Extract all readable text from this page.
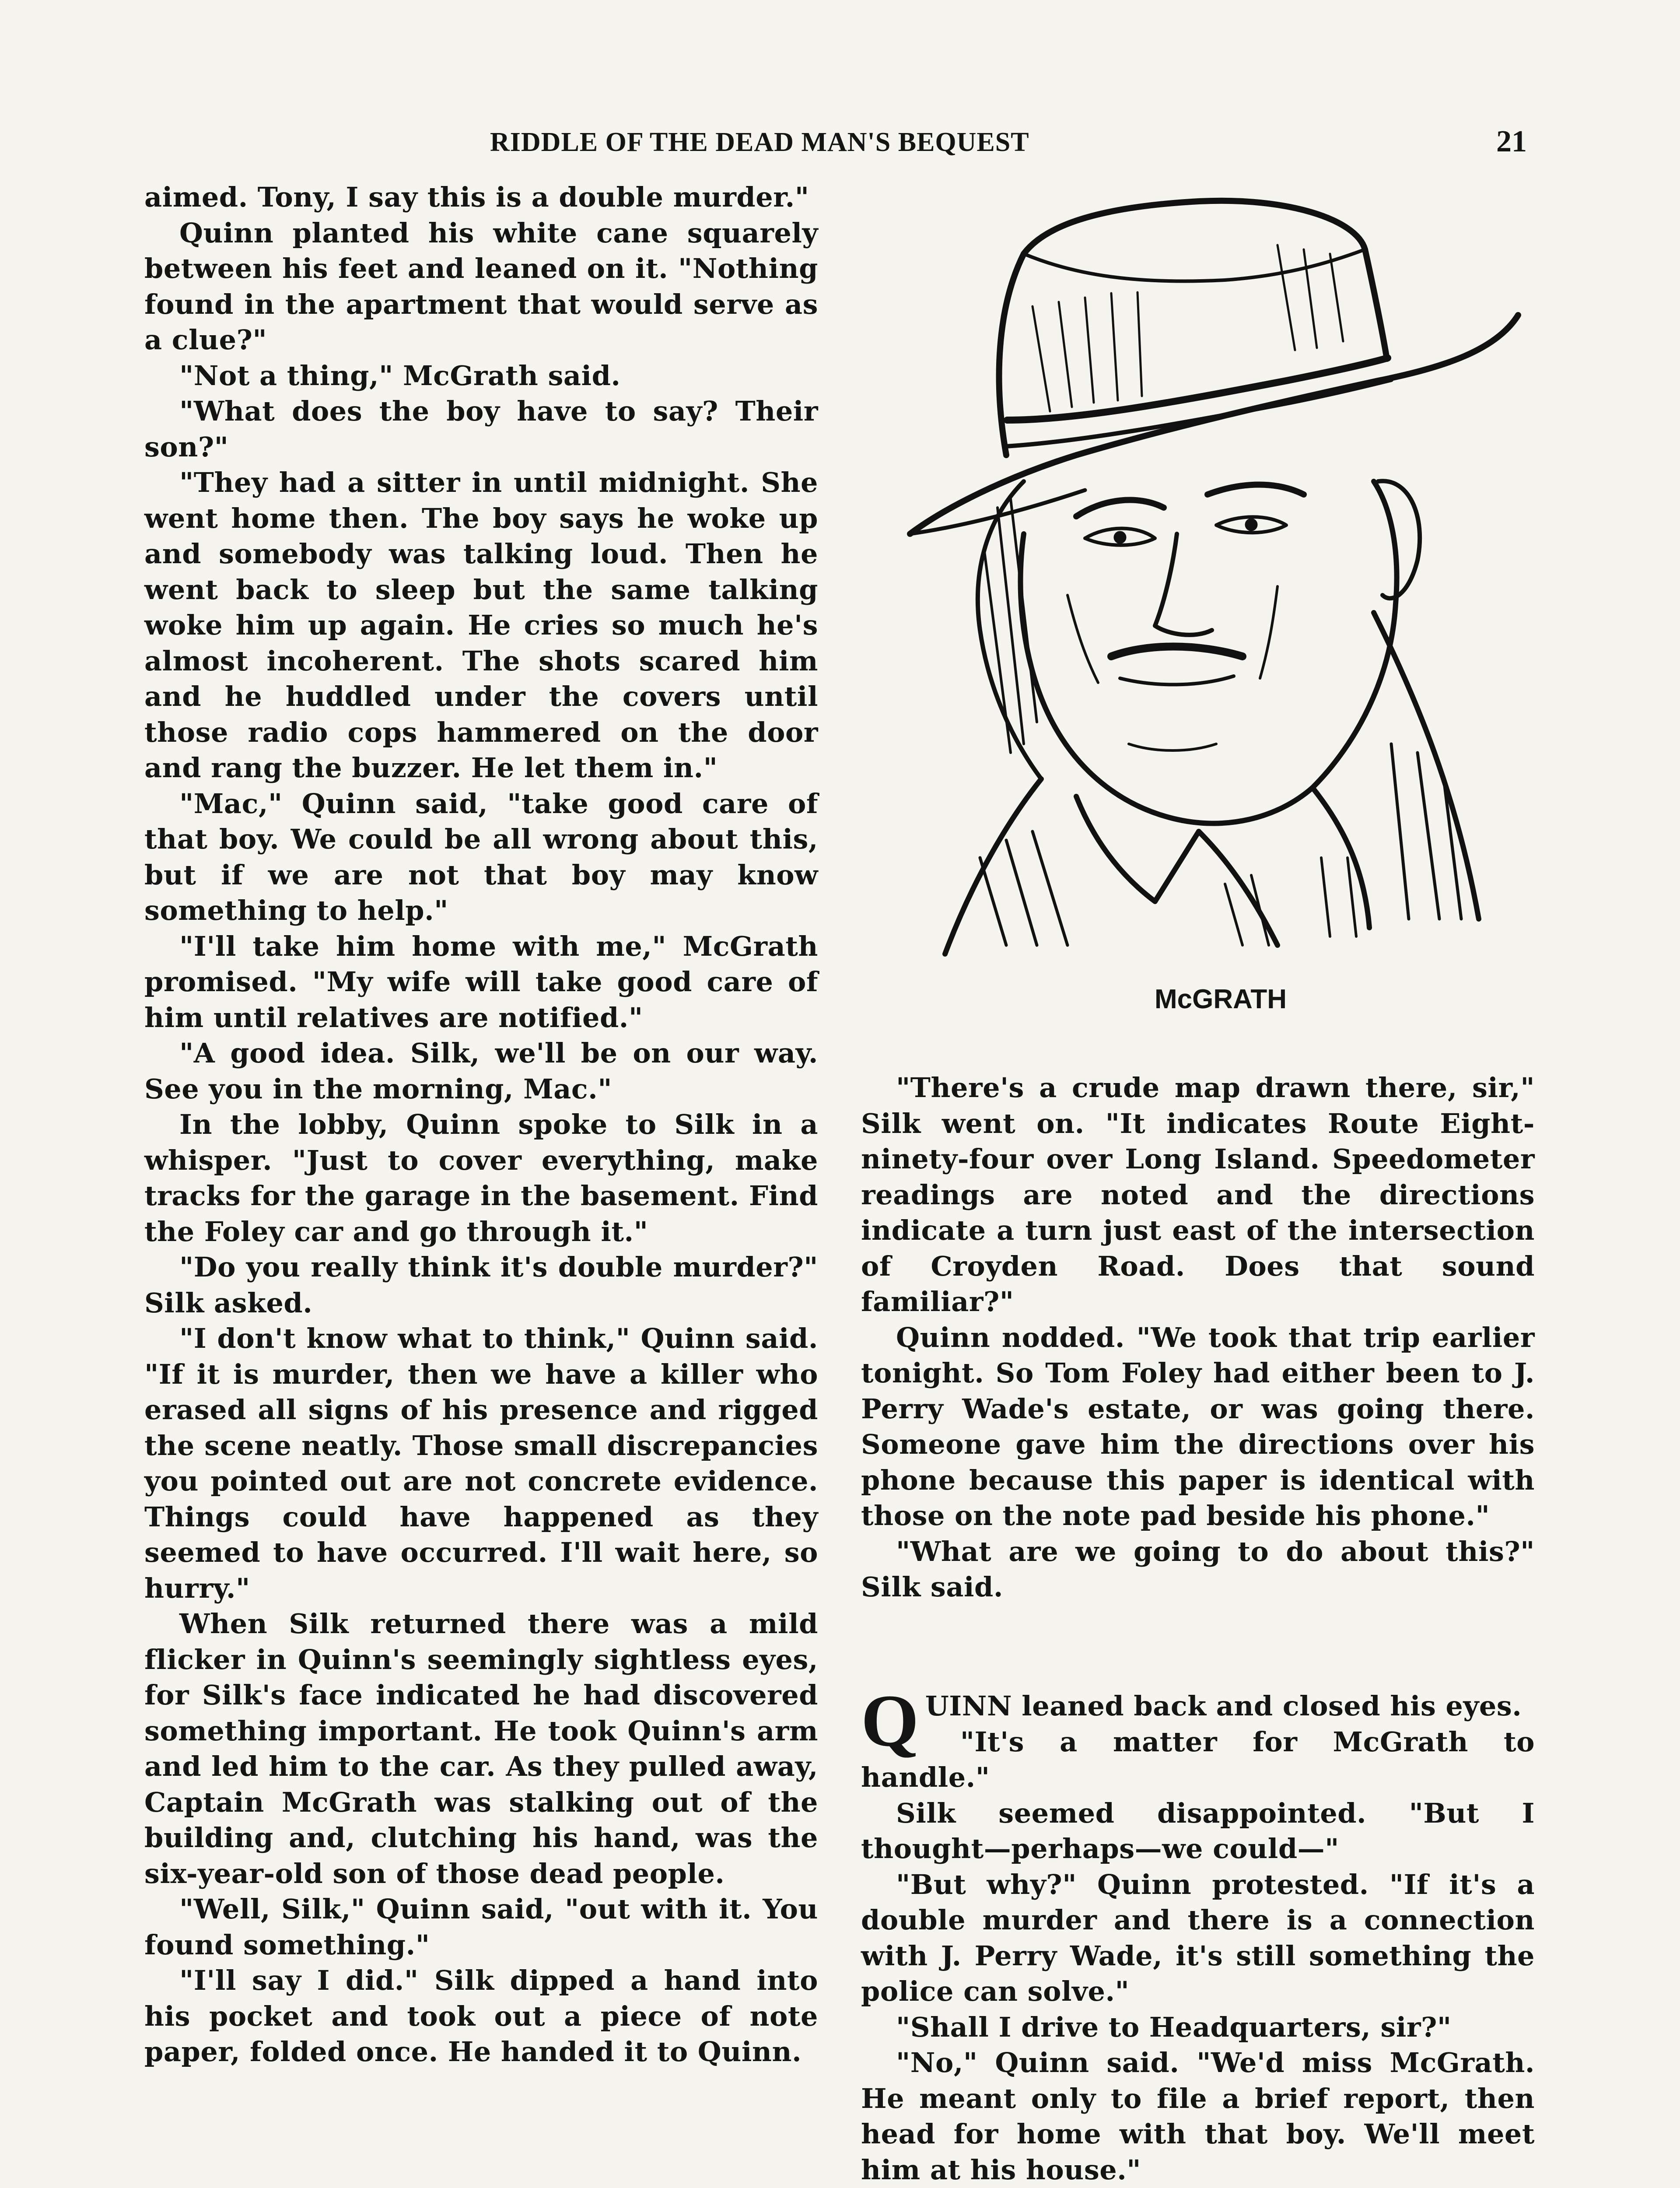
RIDDLE OF THE DEAD MAN'S BEQUEST	21

aimed. Tony, I say this is a double murder."

Quinn planted his white cane squarely between his feet and leaned on it. "Nothing found in the apartment that would serve as a clue?"

"Not a thing," McGrath said.

"What does the boy have to say? Their son?"

"They had a sitter in until midnight. She went home then. The boy says he woke up and somebody was talking loud. Then he went back to sleep but the same talking woke him up again. He cries so much he's almost incoherent. The shots scared him and he huddled under the covers until those radio cops hammered on the door and rang the buzzer. He let them in."

"Mac," Quinn said, "take good care of that boy. We could be all wrong about this, but if we are not that boy may know something to help."

"I'll take him home with me," McGrath promised. "My wife will take good care of him until relatives are notified."

"A good idea. Silk, we'll be on our way. See you in the morning, Mac."

In the lobby, Quinn spoke to Silk in a whisper. "Just to cover everything, make tracks for the garage in the basement. Find the Foley car and go through it."

"Do you really think it's double murder?" Silk asked.

"I don't know what to think," Quinn said. "If it is murder, then we have a killer who erased all signs of his presence and rigged the scene neatly. Those small discrepancies you pointed out are not concrete evidence. Things could have happened as they seemed to have occurred. I'll wait here, so hurry."

When Silk returned there was a mild flicker in Quinn's seemingly sightless eyes, for Silk's face indicated he had discovered something important. He took Quinn's arm and led him to the car. As they pulled away, Captain McGrath was stalking out of the building and, clutching his hand, was the six-year-old son of those dead people.

"Well, Silk," Quinn said, "out with it. You found something."

"I'll say I did." Silk dipped a hand into his pocket and took out a piece of note paper, folded once. He handed it to Quinn.

McGRATH

"There's a crude map drawn there, sir," Silk went on. "It indicates Route Eight-ninety-four over Long Island. Speedometer readings are noted and the directions indicate a turn just east of the intersection of Croyden Road. Does that sound familiar?"

Quinn nodded. "We took that trip earlier tonight. So Tom Foley had either been to J. Perry Wade's estate, or was going there. Someone gave him the directions over his phone because this paper is identical with those on the note pad beside his phone."

"What are we going to do about this?" Silk said.

QUINN leaned back and closed his eyes.

"It's a matter for McGrath to handle."

Silk seemed disappointed. "But I thought—perhaps—we could—"

"But why?" Quinn protested. "If it's a double murder and there is a connection with J. Perry Wade, it's still something the police can solve."

"Shall I drive to Headquarters, sir?"

"No," Quinn said. "We'd miss McGrath. He meant only to file a brief report, then head for home with that boy. We'll meet him at his house."
